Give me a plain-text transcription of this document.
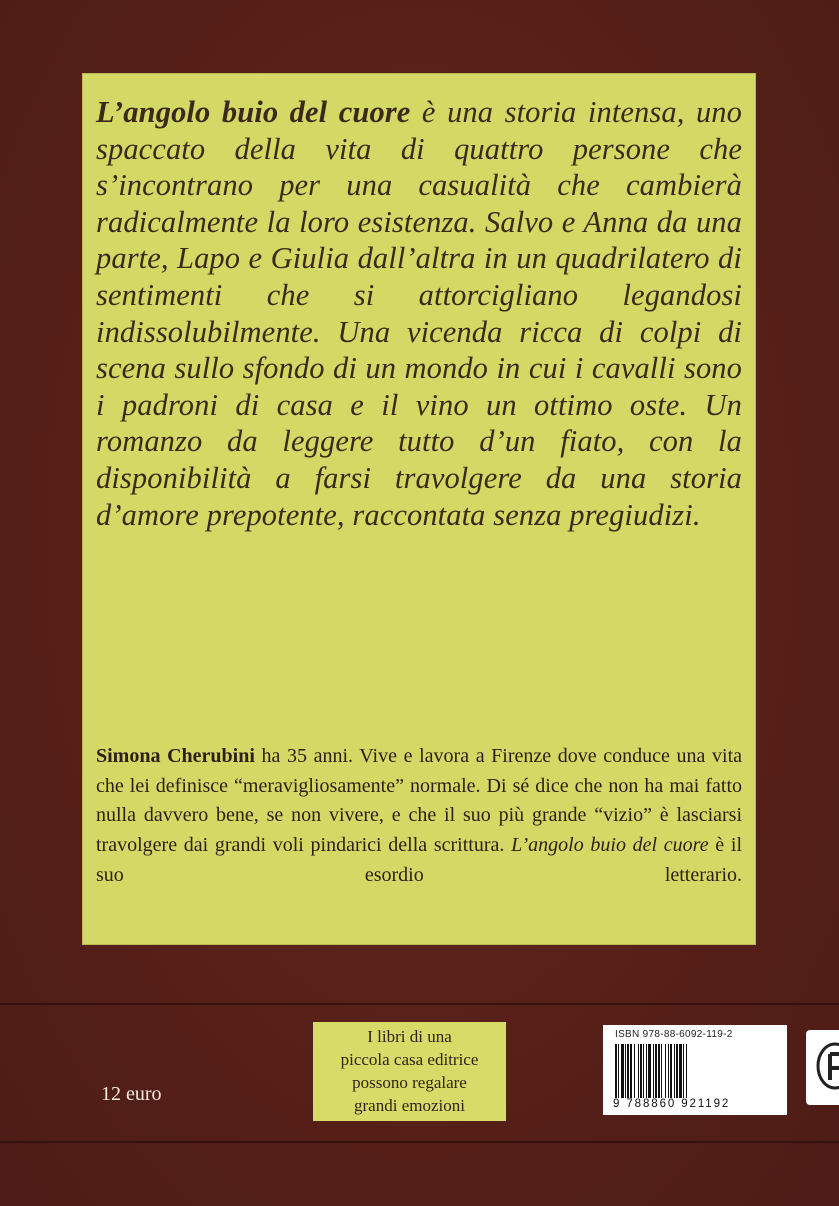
L’angolo buio del cuore è una storia intensa, uno spaccato della vita di quattro persone che s’incontrano per una casualità che cambierà radicalmente la loro esistenza. Salvo e Anna da una parte, Lapo e Giulia dall’altra in un quadrilatero di sentimenti che si attorcigliano legandosi indissolubilmente. Una vicenda ricca di colpi di scena sullo sfondo di un mondo in cui i cavalli sono i padroni di casa e il vino un ottimo oste. Un romanzo da leggere tutto d’un fiato, con la disponibilità a farsi travolgere da una storia d’amore prepotente, raccontata senza pregiudizi.

Simona Cherubini ha 35 anni. Vive e lavora a Firenze dove conduce una vita che lei definisce “meravigliosamente” normale. Di sé dice che non ha mai fatto nulla davvero bene, se non vivere, e che il suo più grande “vizio” è lasciarsi travolgere dai grandi voli pindarici della scrittura. L’angolo buio del cuore è il suo esordio letterario.

12 euro
I libri di una
piccola casa editrice
possono regalare
grandi emozioni
ISBN 978-88-6092-119-2
9 788860 921192
